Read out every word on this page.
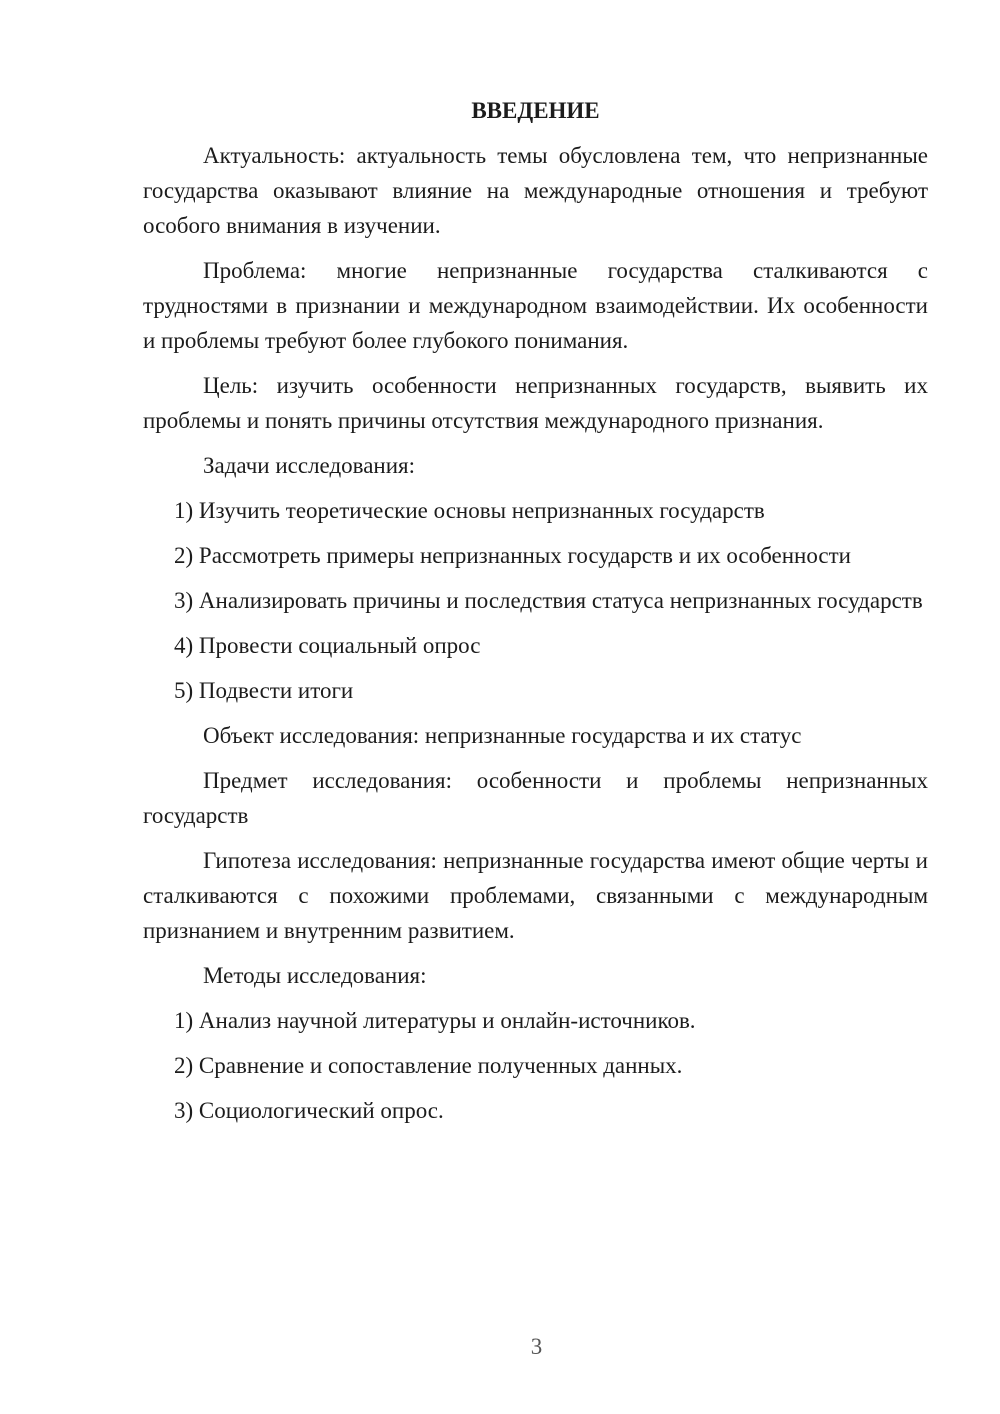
ВВЕДЕНИЕ

Актуальность: актуальность темы обусловлена тем, что непризнанные государства оказывают влияние на международные отношения и требуют особого внимания в изучении.

Проблема: многие непризнанные государства сталкиваются с трудностями в признании и международном взаимодействии. Их особенности и проблемы требуют более глубокого понимания.

Цель: изучить особенности непризнанных государств, выявить их проблемы и понять причины отсутствия международного признания.

Задачи исследования:

1) Изучить теоретические основы непризнанных государств

2) Рассмотреть примеры непризнанных государств и их особенности

3) Анализировать причины и последствия статуса непризнанных государств

4) Провести социальный опрос

5) Подвести итоги

Объект исследования: непризнанные государства и их статус

Предмет исследования: особенности и проблемы непризнанных государств

Гипотеза исследования: непризнанные государства имеют общие черты и сталкиваются с похожими проблемами, связанными с международным признанием и внутренним развитием.

Методы исследования:

1) Анализ научной литературы и онлайн-источников.

2) Сравнение и сопоставление полученных данных.

3) Социологический опрос.

3
